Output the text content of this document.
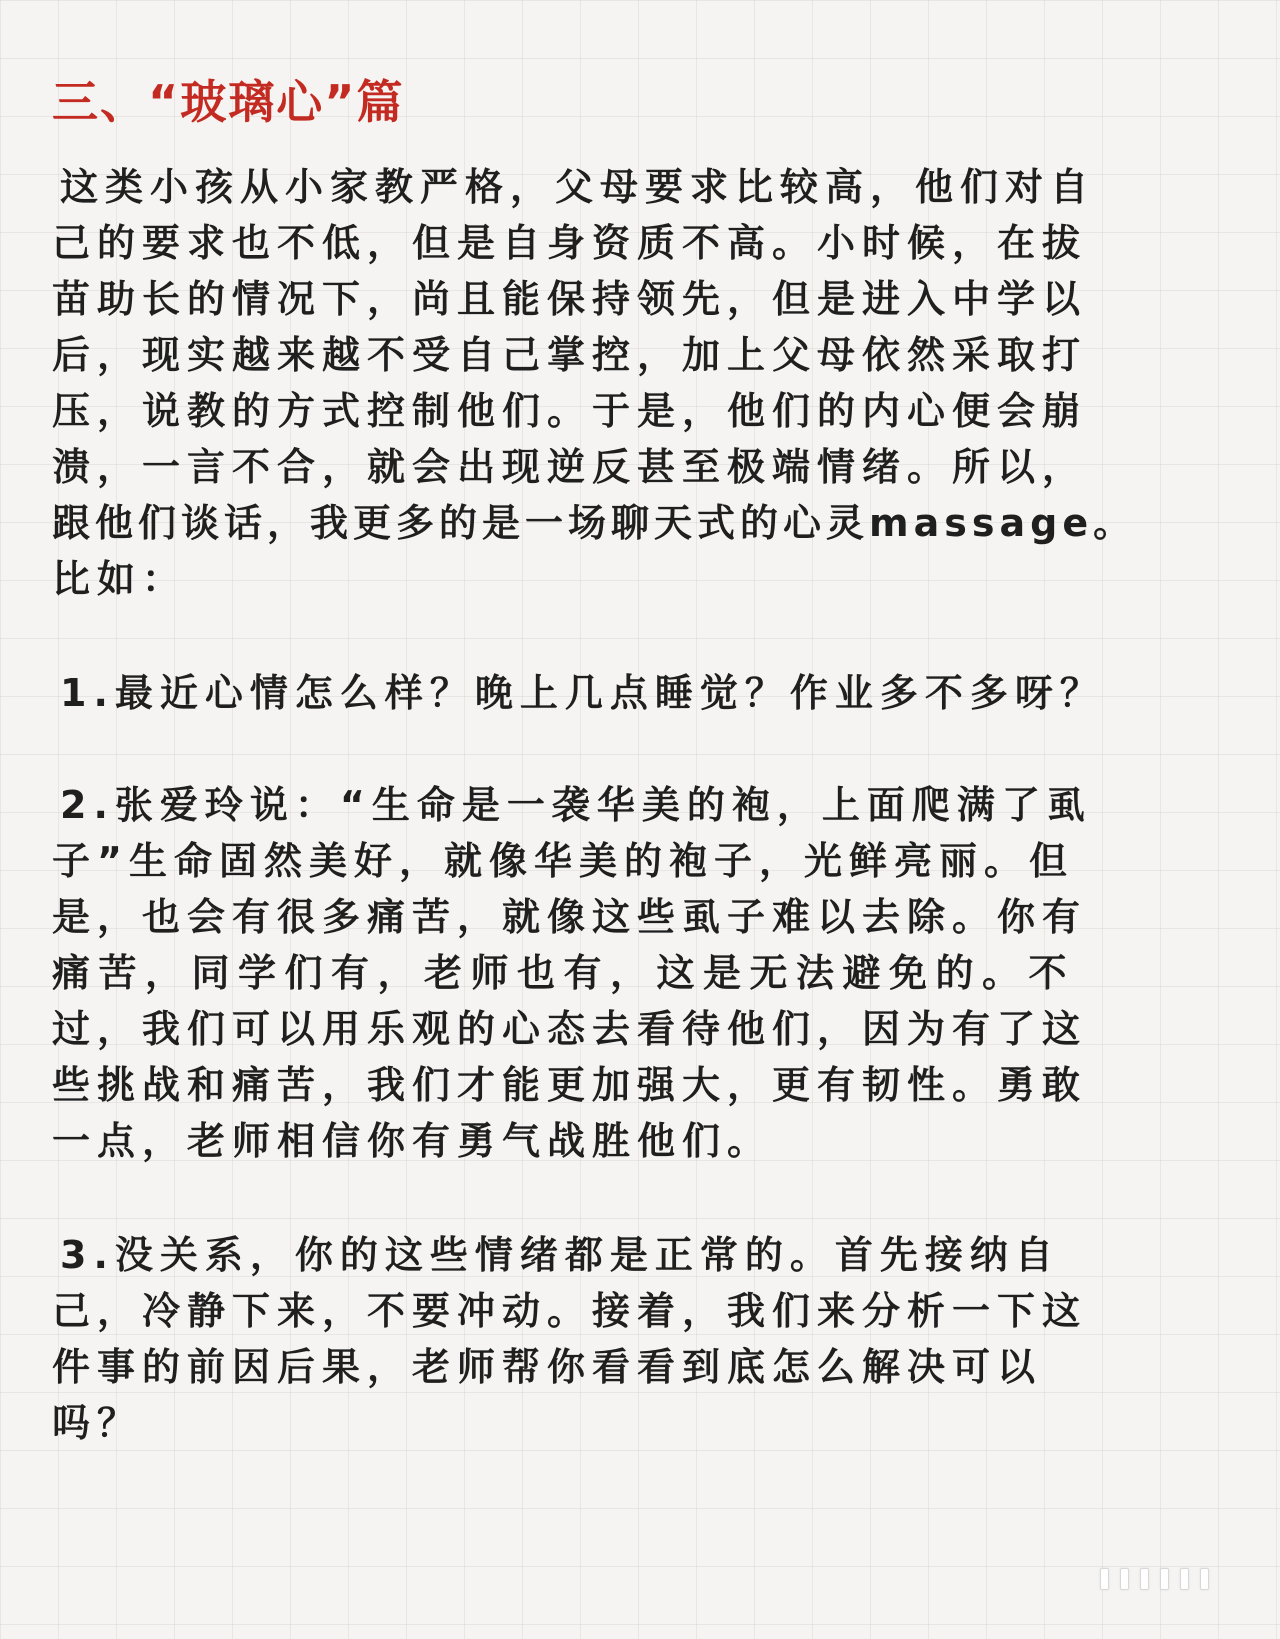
三、“玻璃心”篇
这类小孩从小家教严格，父母要求比较高，他们对自
己的要求也不低，但是自身资质不高。小时候，在拔
苗助长的情况下，尚且能保持领先，但是进入中学以
后，现实越来越不受自己掌控，加上父母依然采取打
压，说教的方式控制他们。于是，他们的内心便会崩
溃，一言不合，就会出现逆反甚至极端情绪。所以，
跟他们谈话，我更多的是一场聊天式的心灵massage。
比如：
1.最近心情怎么样？晚上几点睡觉？作业多不多呀？
2.张爱玲说：“生命是一袭华美的袍，上面爬满了虱
子”生命固然美好，就像华美的袍子，光鲜亮丽。但
是，也会有很多痛苦，就像这些虱子难以去除。你有
痛苦，同学们有，老师也有，这是无法避免的。不
过，我们可以用乐观的心态去看待他们，因为有了这
些挑战和痛苦，我们才能更加强大，更有韧性。勇敢
一点，老师相信你有勇气战胜他们。
3.没关系，你的这些情绪都是正常的。首先接纳自
己，冷静下来，不要冲动。接着，我们来分析一下这
件事的前因后果，老师帮你看看到底怎么解决可以
吗？
